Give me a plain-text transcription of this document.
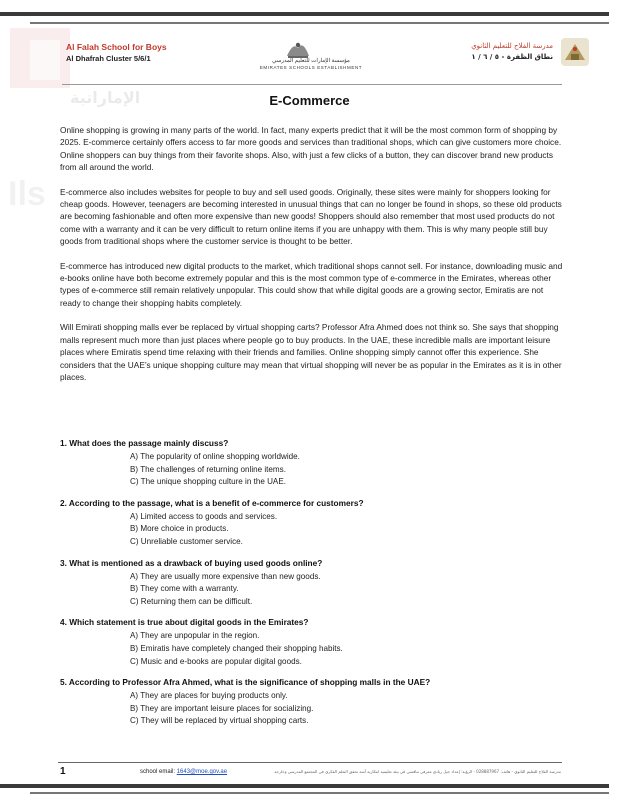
الإماراتية
Ils
Al Falah School for Boys
Al Dhafrah Cluster 5/6/1	مؤسسة الإمارات للتعليم المدرسي
EMIRATES SCHOOLS ESTABLISHMENT
مدرسة الفلاح للتعليم الثانوي
نطاق الظفرة - ٥ / ٦ / ١
E-Commerce

Online shopping is growing in many parts of the world. In fact, many experts predict that it will be the most common form of shopping by 2025. E-commerce certainly offers access to far more goods and services than traditional shops, which can give customers more choice. Online shoppers can buy things from their favorite shops. Also, with just a few clicks of a button, they can discover brand new products from all around the world.

E-commerce also includes websites for people to buy and sell used goods. Originally, these sites were mainly for shoppers looking for cheap goods. However, teenagers are becoming interested in unusual things that can no longer be found in shops, so these old products are becoming fashionable and often more expensive than new goods! Shoppers should also remember that most used products do not come with a warranty and it can be very difficult to return online items if you are unhappy with them. This is why many people still buy goods from traditional shops where the customer service is thought to be better.

E-commerce has introduced new digital products to the market, which traditional shops cannot sell. For instance, downloading music and e-books online have both become extremely popular and this is the most common type of e-commerce in the Emirates, whereas other types of e-commerce still remain relatively unpopular. This could show that while digital goods are a growing sector, Emiratis are not ready to change their shopping habits completely.

Will Emirati shopping malls ever be replaced by virtual shopping carts? Professor Afra Ahmed does not think so. She says that shopping malls represent much more than just places where people go to buy products. In the UAE, these incredible malls are important leisure places where Emiratis spend time relaxing with their friends and families. Online shopping simply cannot offer this experience. She considers that the UAE’s unique shopping culture may mean that virtual shopping will never be as popular in the Emirates as it is in other places.

1. What does the passage mainly discuss?
A) The popularity of online shopping worldwide.
B) The challenges of returning online items.
C) The unique shopping culture in the UAE.
2. According to the passage, what is a benefit of e-commerce for customers?
A) Limited access to goods and services.
B) More choice in products.
C) Unreliable customer service.
3. What is mentioned as a drawback of buying used goods online?
A) They are usually more expensive than new goods.
B) They come with a warranty.
C) Returning them can be difficult.
4. Which statement is true about digital goods in the Emirates?
A) They are unpopular in the region.
B) Emiratis have completely changed their shopping habits.
C) Music and e-books are popular digital goods.
5. According to Professor Afra Ahmed, what is the significance of shopping malls in the UAE?
A) They are places for buying products only.
B) They are important leisure places for socializing.
C) They will be replaced by virtual shopping carts.
1	school email: 1643@moe.gov.ae	مدرسة الفلاح للتعليم الثانوي - هاتف: 028887967 - الرؤية: إعداد جيل ريادي معرفي تنافسي في بيئة تعليمية ابتكارية آمنة تحقق التعلم الفكري في المجتمع المدرسي وخارجه
